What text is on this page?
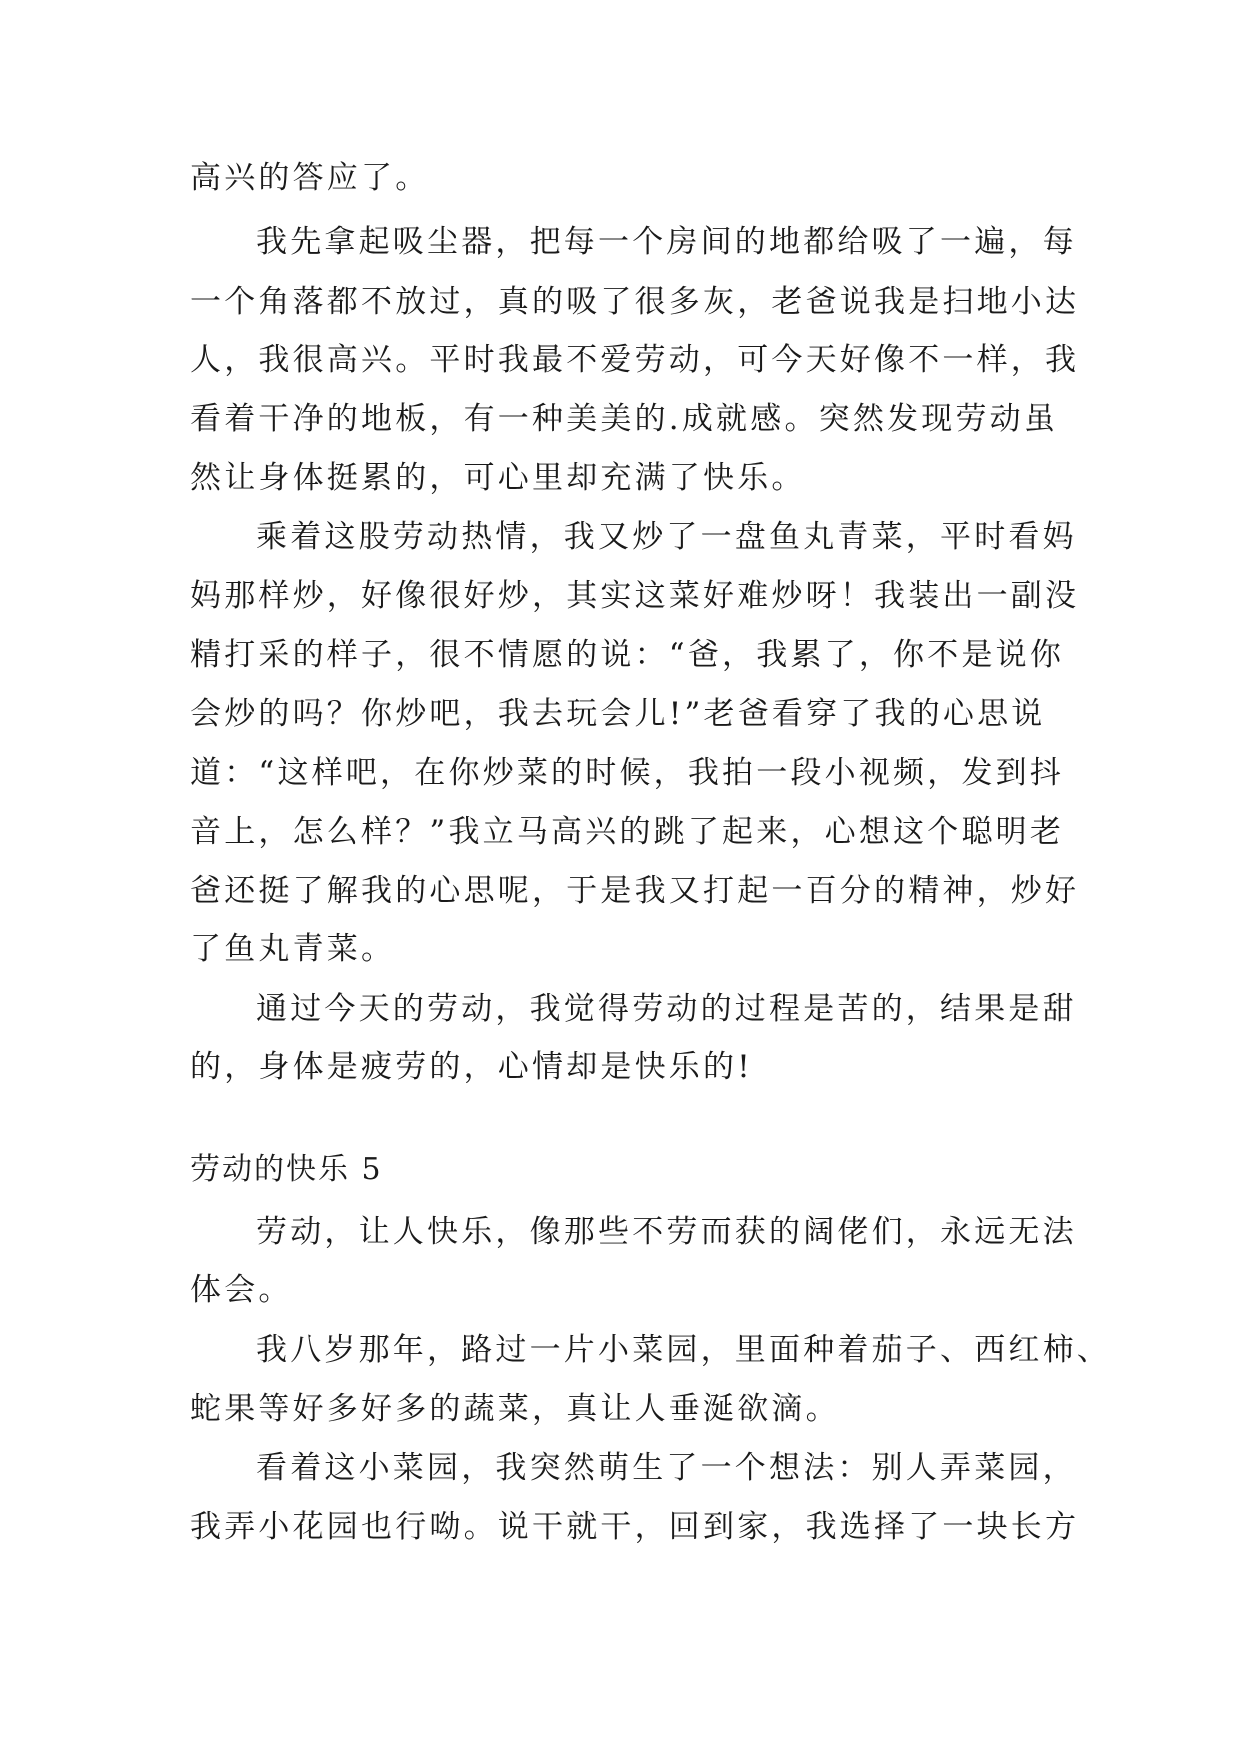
高兴的答应了。
我先拿起吸尘器，把每一个房间的地都给吸了一遍，每
一个角落都不放过，真的吸了很多灰，老爸说我是扫地小达
人，我很高兴。平时我最不爱劳动，可今天好像不一样，我
看着干净的地板，有一种美美的.成就感。突然发现劳动虽
然让身体挺累的，可心里却充满了快乐。
乘着这股劳动热情，我又炒了一盘鱼丸青菜，平时看妈
妈那样炒，好像很好炒，其实这菜好难炒呀！我装出一副没
精打采的样子，很不情愿的说：“爸，我累了，你不是说你
会炒的吗？你炒吧，我去玩会儿!”老爸看穿了我的心思说
道：“这样吧，在你炒菜的时候，我拍一段小视频，发到抖
音上，怎么样？”我立马高兴的跳了起来，心想这个聪明老
爸还挺了解我的心思呢，于是我又打起一百分的精神，炒好
了鱼丸青菜。
通过今天的劳动，我觉得劳动的过程是苦的，结果是甜
的，身体是疲劳的，心情却是快乐的!
劳动的快乐 5
劳动，让人快乐，像那些不劳而获的阔佬们，永远无法
体会。
我八岁那年，路过一片小菜园，里面种着茄子、西红柿、
蛇果等好多好多的蔬菜，真让人垂涎欲滴。
看着这小菜园，我突然萌生了一个想法：别人弄菜园，
我弄小花园也行呦。说干就干，回到家，我选择了一块长方
